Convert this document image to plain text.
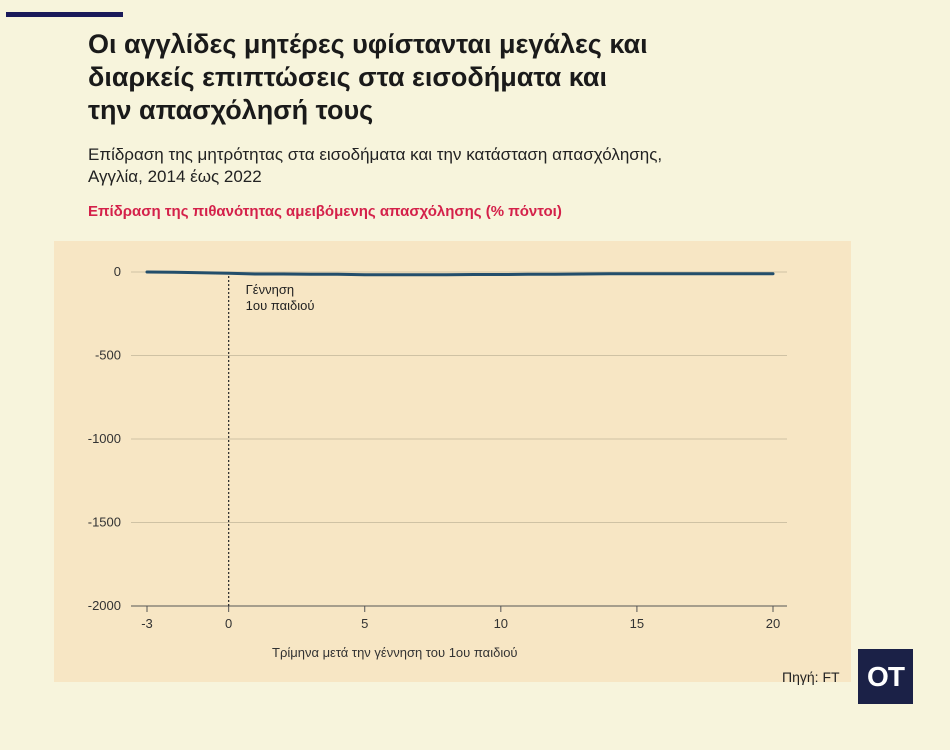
Οι αγγλίδες μητέρες υφίστανται μεγάλες και
διαρκείς επιπτώσεις στα εισοδήματα και
την απασχόλησή τους
Επίδραση της μητρότητας στα εισοδήματα και την κατάσταση απασχόλησης,
Αγγλία, 2014 έως 2022
Επίδραση της πιθανότητας αμειβόμενης απασχόλησης (% πόντοι)
0
-500
-1000
-1500
-2000
-3	0	5	10	15	20
Γέννηση
1ου παιδιού
Τρίμηνα μετά την γέννηση του 1ου παιδιού
Πηγή: FT OT
